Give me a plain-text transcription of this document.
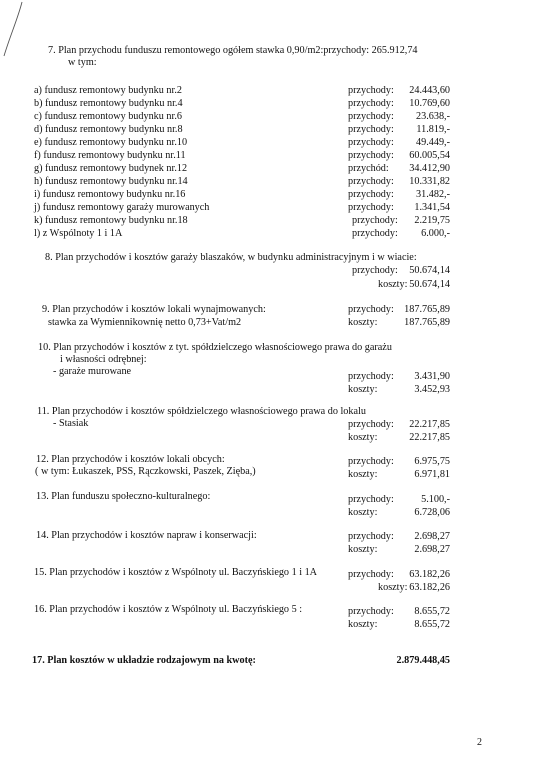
7. Plan przychodu funduszu remontowego ogółem stawka 0,90/m2:przychody: 265.912,74
w tym:
a) fundusz remontowy budynku nr.2	przychody: 24.443,60
b) fundusz remontowy budynku nr.4	przychody: 10.769,60
c) fundusz remontowy budynku nr.6	przychody: 23.638,-
d) fundusz remontowy budynku nr.8	przychody: 11.819,-
e) fundusz remontowy budynku nr.10	przychody: 49.449,-
f) fundusz remontowy budynku nr.11	przychody: 60.005,54
g) fundusz remontowy budynek nr.12	przychód: 34.412,90
h) fundusz remontowy budynku nr.14	przychody: 10.331,82
i) fundusz remontowy budynku nr.16	przychody: 31.482,-
j) fundusz remontowy garaży murowanych	przychody: 1.341,54
k) fundusz remontowy budynku nr.18	przychody: 2.219,75
l) z Wspólnoty 1 i 1A	przychody: 6.000,-
8. Plan przychodów i kosztów garaży blaszaków, w budynku administracyjnym i w wiacie:
przychody: 50.674,14
koszty: 50.674,14
9. Plan przychodów i kosztów lokali wynajmowanych:
stawka za Wymiennikownię netto 0,73+Vat/m2
przychody: 187.765,89
koszty:	187.765,89
10. Plan przychodów i kosztów z tyt. spółdzielczego własnościowego prawa do garażu
i własności odrębnej:
- garaże murowane	przychody: 3.431,90
koszty:	3.452,93
11. Plan przychodów i kosztów spółdzielczego własnościowego prawa do lokalu
- Stasiak	przychody: 22.217,85
koszty:	22.217,85
12. Plan przychodów i kosztów lokali obcych:
( w tym: Łukaszek, PSS, Rączkowski, Paszek, Zięba,)
przychody: 6.975,75
koszty:	6.971,81
13. Plan funduszu społeczno-kulturalnego:	przychody:	5.100,-
koszty:	6.728,06
14. Plan przychodów i kosztów napraw i konserwacji:	przychody: 2.698,27
koszty:	2.698,27
15. Plan przychodów i kosztów z Wspólnoty ul. Baczyńskiego 1 i 1A	przychody: 63.182,26
koszty: 63.182,26
16. Plan przychodów i kosztów z Wspólnoty ul. Baczyńskiego 5 :	przychody: 8.655,72
koszty:	8.655,72
17. Plan kosztów w układzie rodzajowym na kwotę:	2.879.448,45
2
